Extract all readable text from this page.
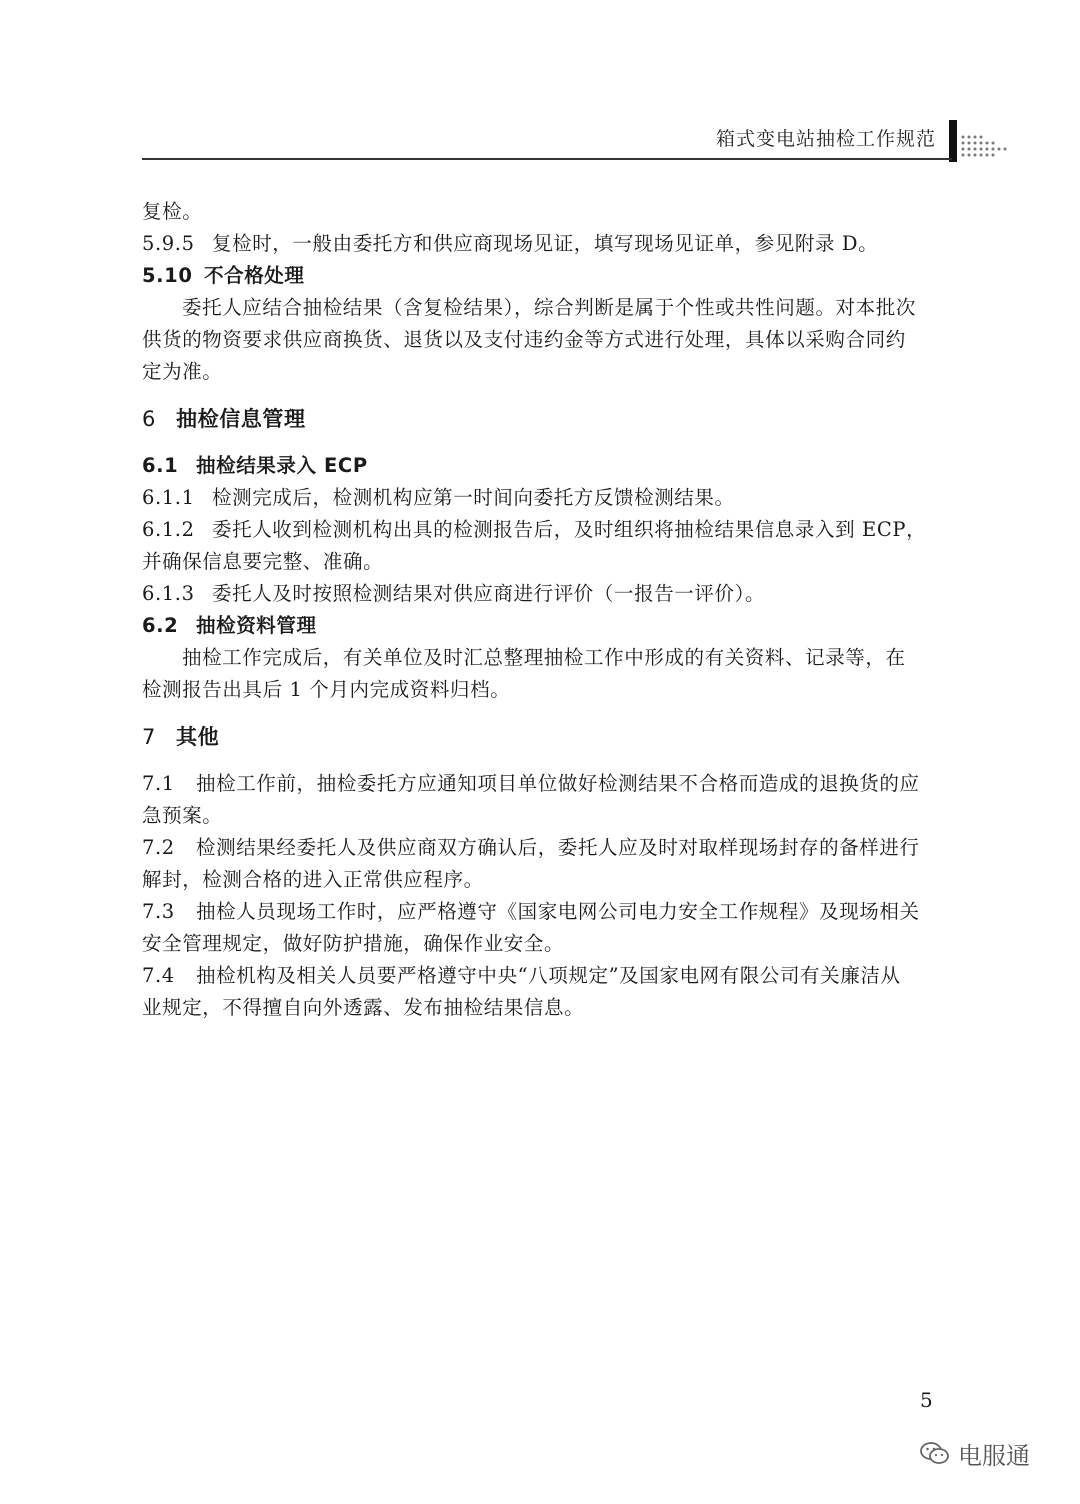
箱式变电站抽检工作规范
复检。
5.9.5 复检时，一般由委托方和供应商现场见证，填写现场见证单，参见附录 D。
5.10 不合格处理
委托人应结合抽检结果（含复检结果），综合判断是属于个性或共性问题。对本批次
供货的物资要求供应商换货、退货以及支付违约金等方式进行处理，具体以采购合同约
定为准。
6 抽检信息管理
6.1 抽检结果录入 ECP
6.1.1 检测完成后，检测机构应第一时间向委托方反馈检测结果。
6.1.2 委托人收到检测机构出具的检测报告后，及时组织将抽检结果信息录入到 ECP，
并确保信息要完整、准确。
6.1.3 委托人及时按照检测结果对供应商进行评价（一报告一评价）。
6.2 抽检资料管理
抽检工作完成后，有关单位及时汇总整理抽检工作中形成的有关资料、记录等，在
检测报告出具后 1 个月内完成资料归档。
7 其他
7.1 抽检工作前，抽检委托方应通知项目单位做好检测结果不合格而造成的退换货的应
急预案。
7.2 检测结果经委托人及供应商双方确认后，委托人应及时对取样现场封存的备样进行
解封，检测合格的进入正常供应程序。
7.3 抽检人员现场工作时，应严格遵守《国家电网公司电力安全工作规程》及现场相关
安全管理规定，做好防护措施，确保作业安全。
7.4 抽检机构及相关人员要严格遵守中央“八项规定”及国家电网有限公司有关廉洁从
业规定，不得擅自向外透露、发布抽检结果信息。
5
电服通
